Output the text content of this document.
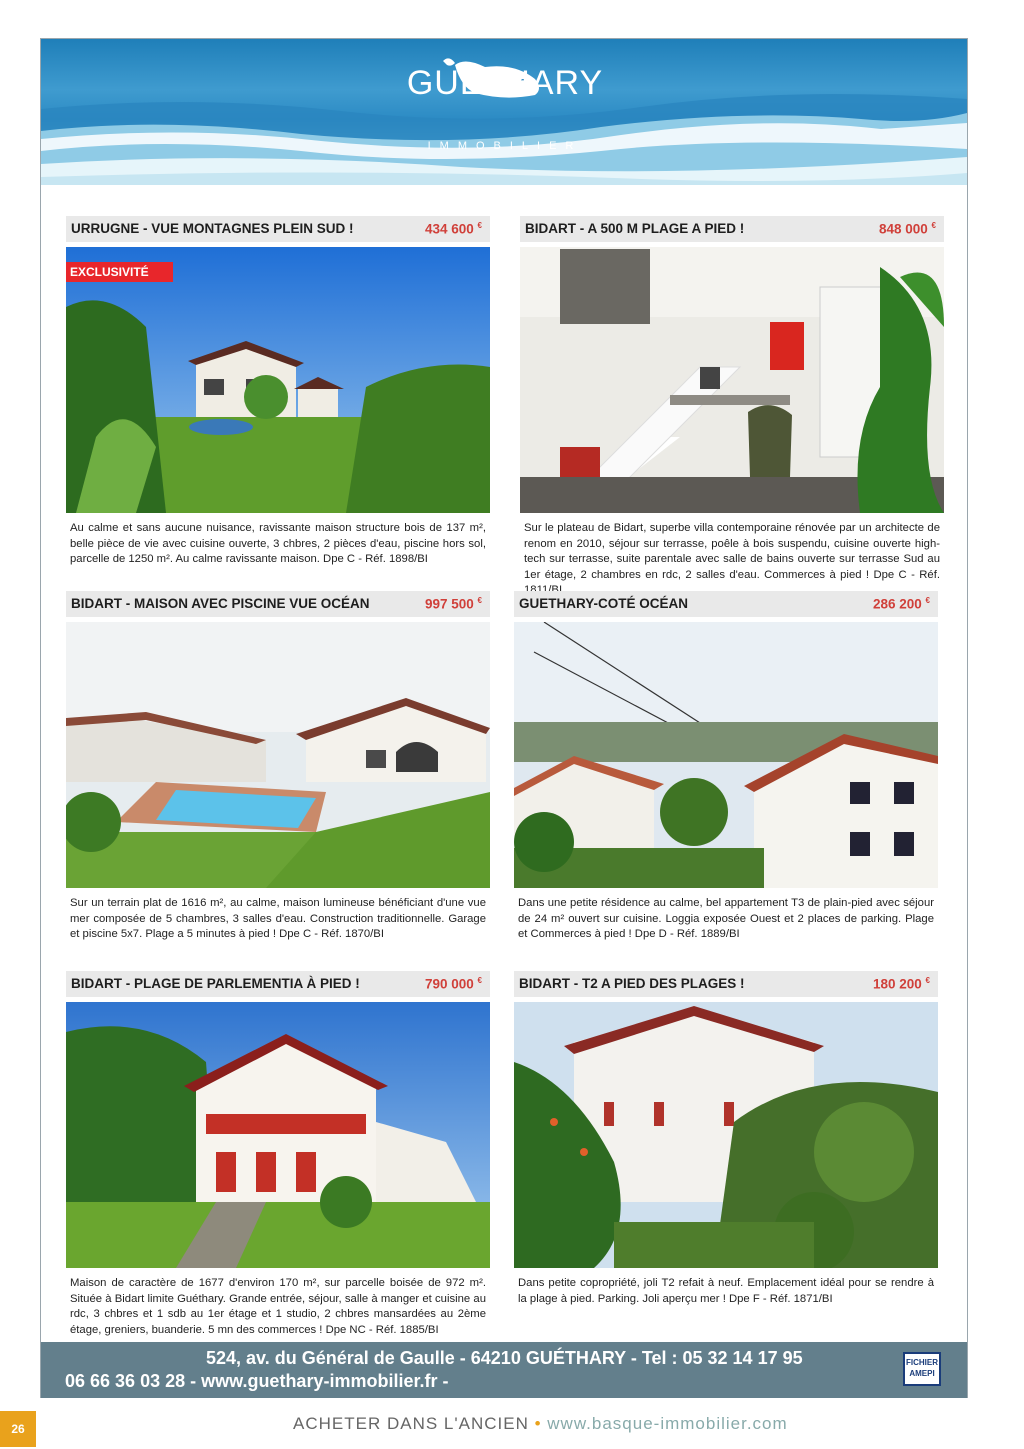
GUÉTHARY
IMMOBILIER
URRUGNE - VUE MONTAGNES PLEIN SUD !	434 600 €
EXCLUSIVITÉ
Au calme et sans aucune nuisance, ravissante maison structure bois de 137 m², belle pièce de vie avec cuisine ouverte, 3 chbres, 2 pièces d'eau, piscine hors sol, parcelle de 1250 m². Au calme ravissante maison. Dpe C - Réf. 1898/BI
BIDART - A 500 M PLAGE A PIED !	848 000 €
Sur le plateau de Bidart, superbe villa contemporaine rénovée par un architecte de renom en 2010, séjour sur terrasse, poêle à bois suspendu, cuisine ouverte high-tech sur terrasse, suite parentale avec salle de bains ouverte sur terrasse Sud au 1er étage, 2 chambres en rdc, 2 salles d'eau. Commerces à pied ! Dpe C - Réf.
BIDART - MAISON AVEC PISCINE VUE OCÉAN	997 500 €
Sur un terrain plat de 1616 m², au calme, maison lumineuse bénéficiant d'une vue mer composée de 5 chambres, 3 salles d'eau. Construction traditionnelle. Garage et piscine 5x7. Plage a 5 minutes à pied ! Dpe C - Réf. 1870/BI
GUETHARY-COTÉ OCÉAN	286 200 €
Dans une petite résidence au calme, bel appartement T3 de plain-pied avec séjour de 24 m² ouvert sur cuisine. Loggia exposée Ouest et 2 places de parking. Plage et Commerces à pied ! Dpe D - Réf. 1889/BI
BIDART - PLAGE DE PARLEMENTIA À PIED !	790 000 €
Maison de caractère de 1677 d'environ 170 m², sur parcelle boisée de 972 m². Située à Bidart limite Guéthary. Grande entrée, séjour, salle à manger et cuisine au rdc, 3 chbres et 1 sdb au 1er étage et 1 studio, 2 chbres mansardées au 2ème étage, greniers, buanderie. 5 mn des commerces ! Dpe NC - Réf. 1885/BI
BIDART - T2 A PIED DES PLAGES !	180 200 €
Dans petite copropriété, joli T2 refait à neuf. Emplacement idéal pour se rendre à la plage à pied. Parking. Joli aperçu mer ! Dpe F - Réf. 1871/BI
524, av. du Général de Gaulle - 64210 GUÉTHARY - Tel : 05 32 14 17 95
06 66 36 03 28 - www.guethary-immobilier.fr -
FICHIER
AMEPI
26	ACHETER DANS L'ANCIEN • www.basque-immobilier.com
